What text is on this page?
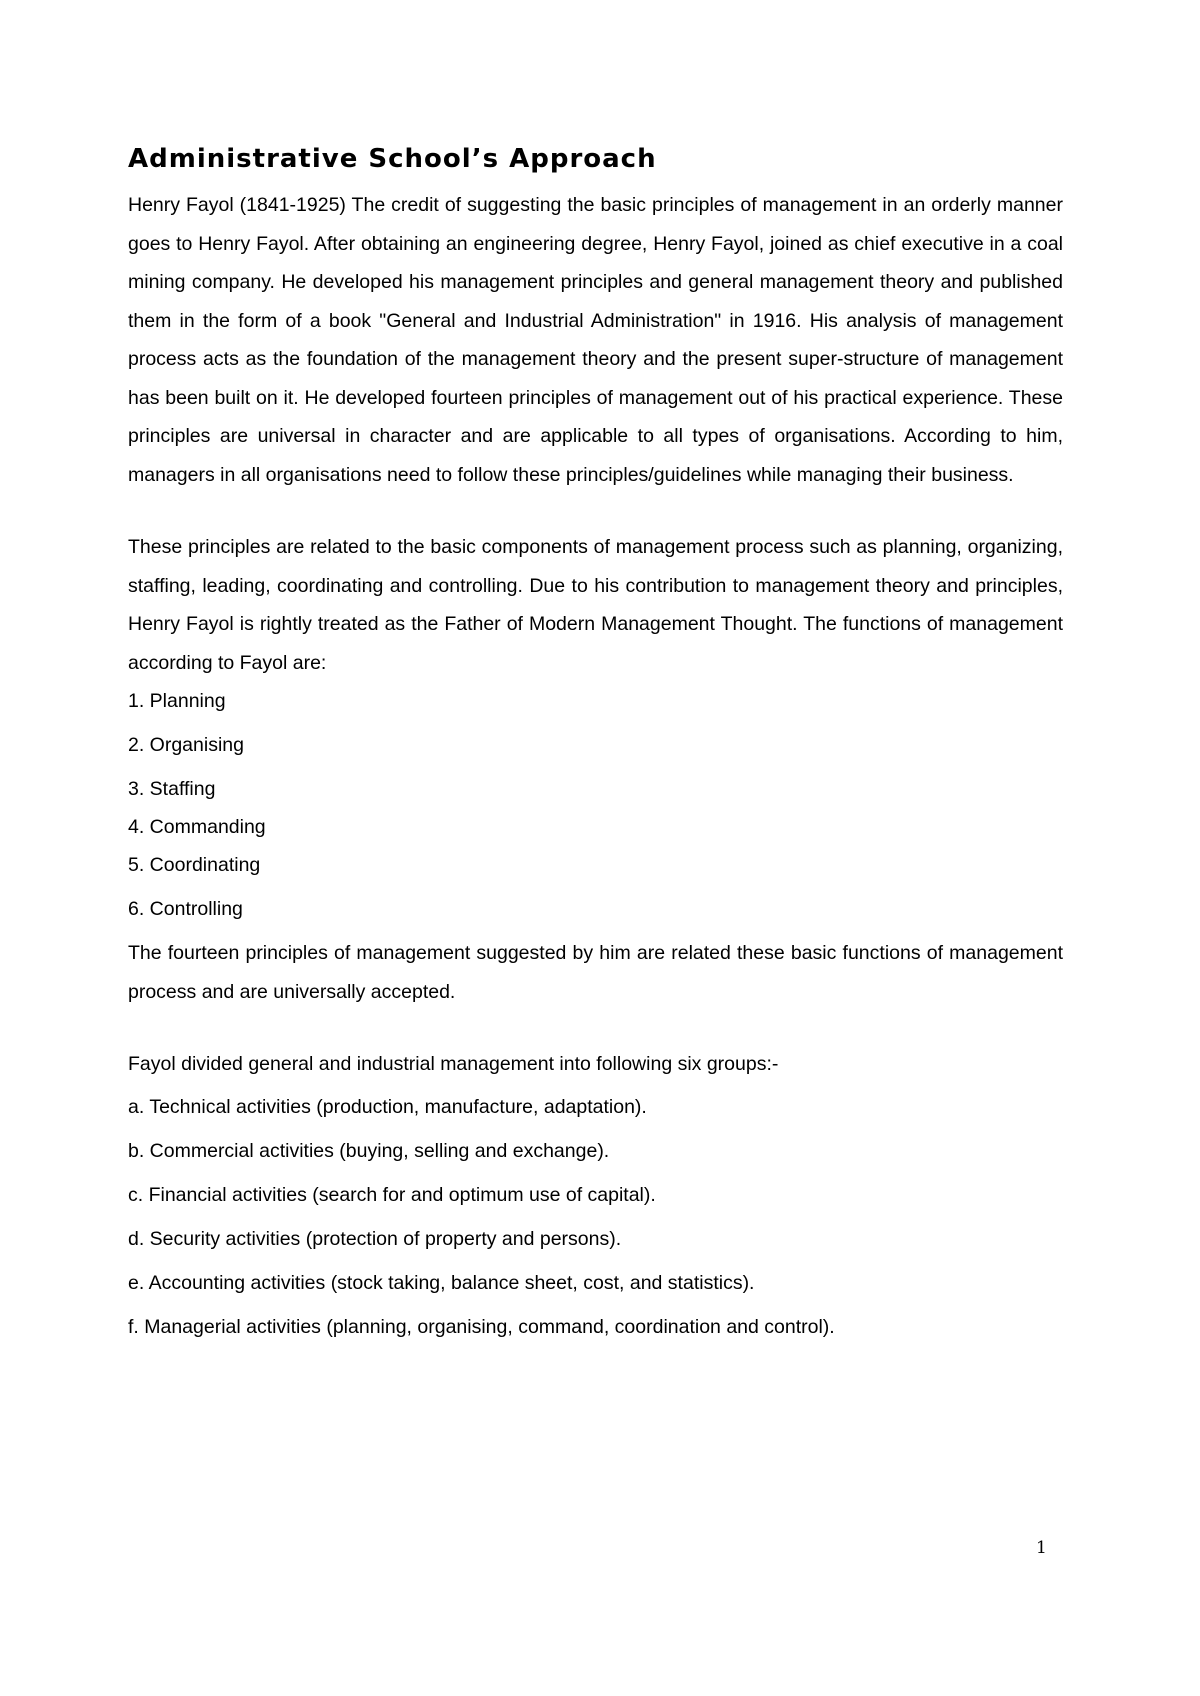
Administrative School’s Approach

Henry Fayol (1841-1925) The credit of suggesting the basic principles of management in an orderly manner goes to Henry Fayol. After obtaining an engineering degree, Henry Fayol, joined as chief executive in a coal mining company. He developed his management principles and general management theory and published them in the form of a book "General and Industrial Administration" in 1916. His analysis of management process acts as the foundation of the management theory and the present super-structure of management has been built on it. He developed fourteen principles of management out of his practical experience. These principles are universal in character and are applicable to all types of organisations. According to him, managers in all organisations need to follow these principles/guidelines while managing their business.

These principles are related to the basic components of management process such as planning, organizing, staffing, leading, coordinating and controlling. Due to his contribution to management theory and principles, Henry Fayol is rightly treated as the Father of Modern Management Thought. The functions of management according to Fayol are:

1. Planning
2. Organising
3. Staffing
4. Commanding
5. Coordinating
6. Controlling

The fourteen principles of management suggested by him are related these basic functions of management process and are universally accepted.

Fayol divided general and industrial management into following six groups:-

a. Technical activities (production, manufacture, adaptation).
b. Commercial activities (buying, selling and exchange).
c. Financial activities (search for and optimum use of capital).
d. Security activities (protection of property and persons).
e. Accounting activities (stock taking, balance sheet, cost, and statistics).
f. Managerial activities (planning, organising, command, coordination and control).
1
